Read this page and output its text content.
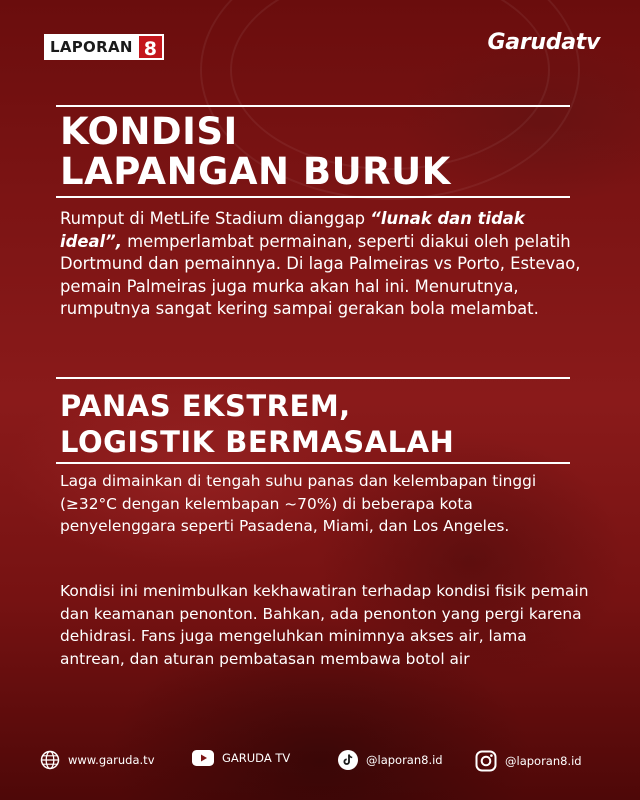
LAPORAN 8	Garudatv
KONDISI
LAPANGAN BURUK

Rumput di MetLife Stadium dianggap “lunak dan tidak ideal”, memperlambat permainan, seperti diakui oleh pelatih Dortmund dan pemainnya. Di laga Palmeiras vs Porto, Estevao, pemain Palmeiras juga murka akan hal ini. Menurutnya, rumputnya sangat kering sampai gerakan bola melambat.

PANAS EKSTREM,
LOGISTIK BERMASALAH

Laga dimainkan di tengah suhu panas dan kelembapan tinggi (≥32°C dengan kelembapan ~70%) di beberapa kota penyelenggara seperti Pasadena, Miami, dan Los Angeles.

Kondisi ini menimbulkan kekhawatiran terhadap kondisi fisik pemain dan keamanan penonton. Bahkan, ada penonton yang pergi karena dehidrasi. Fans juga mengeluhkan minimnya akses air, lama antrean, dan aturan pembatasan membawa botol air

www.garuda.tv	GARUDA TV	@laporan8.id	@laporan8.id
